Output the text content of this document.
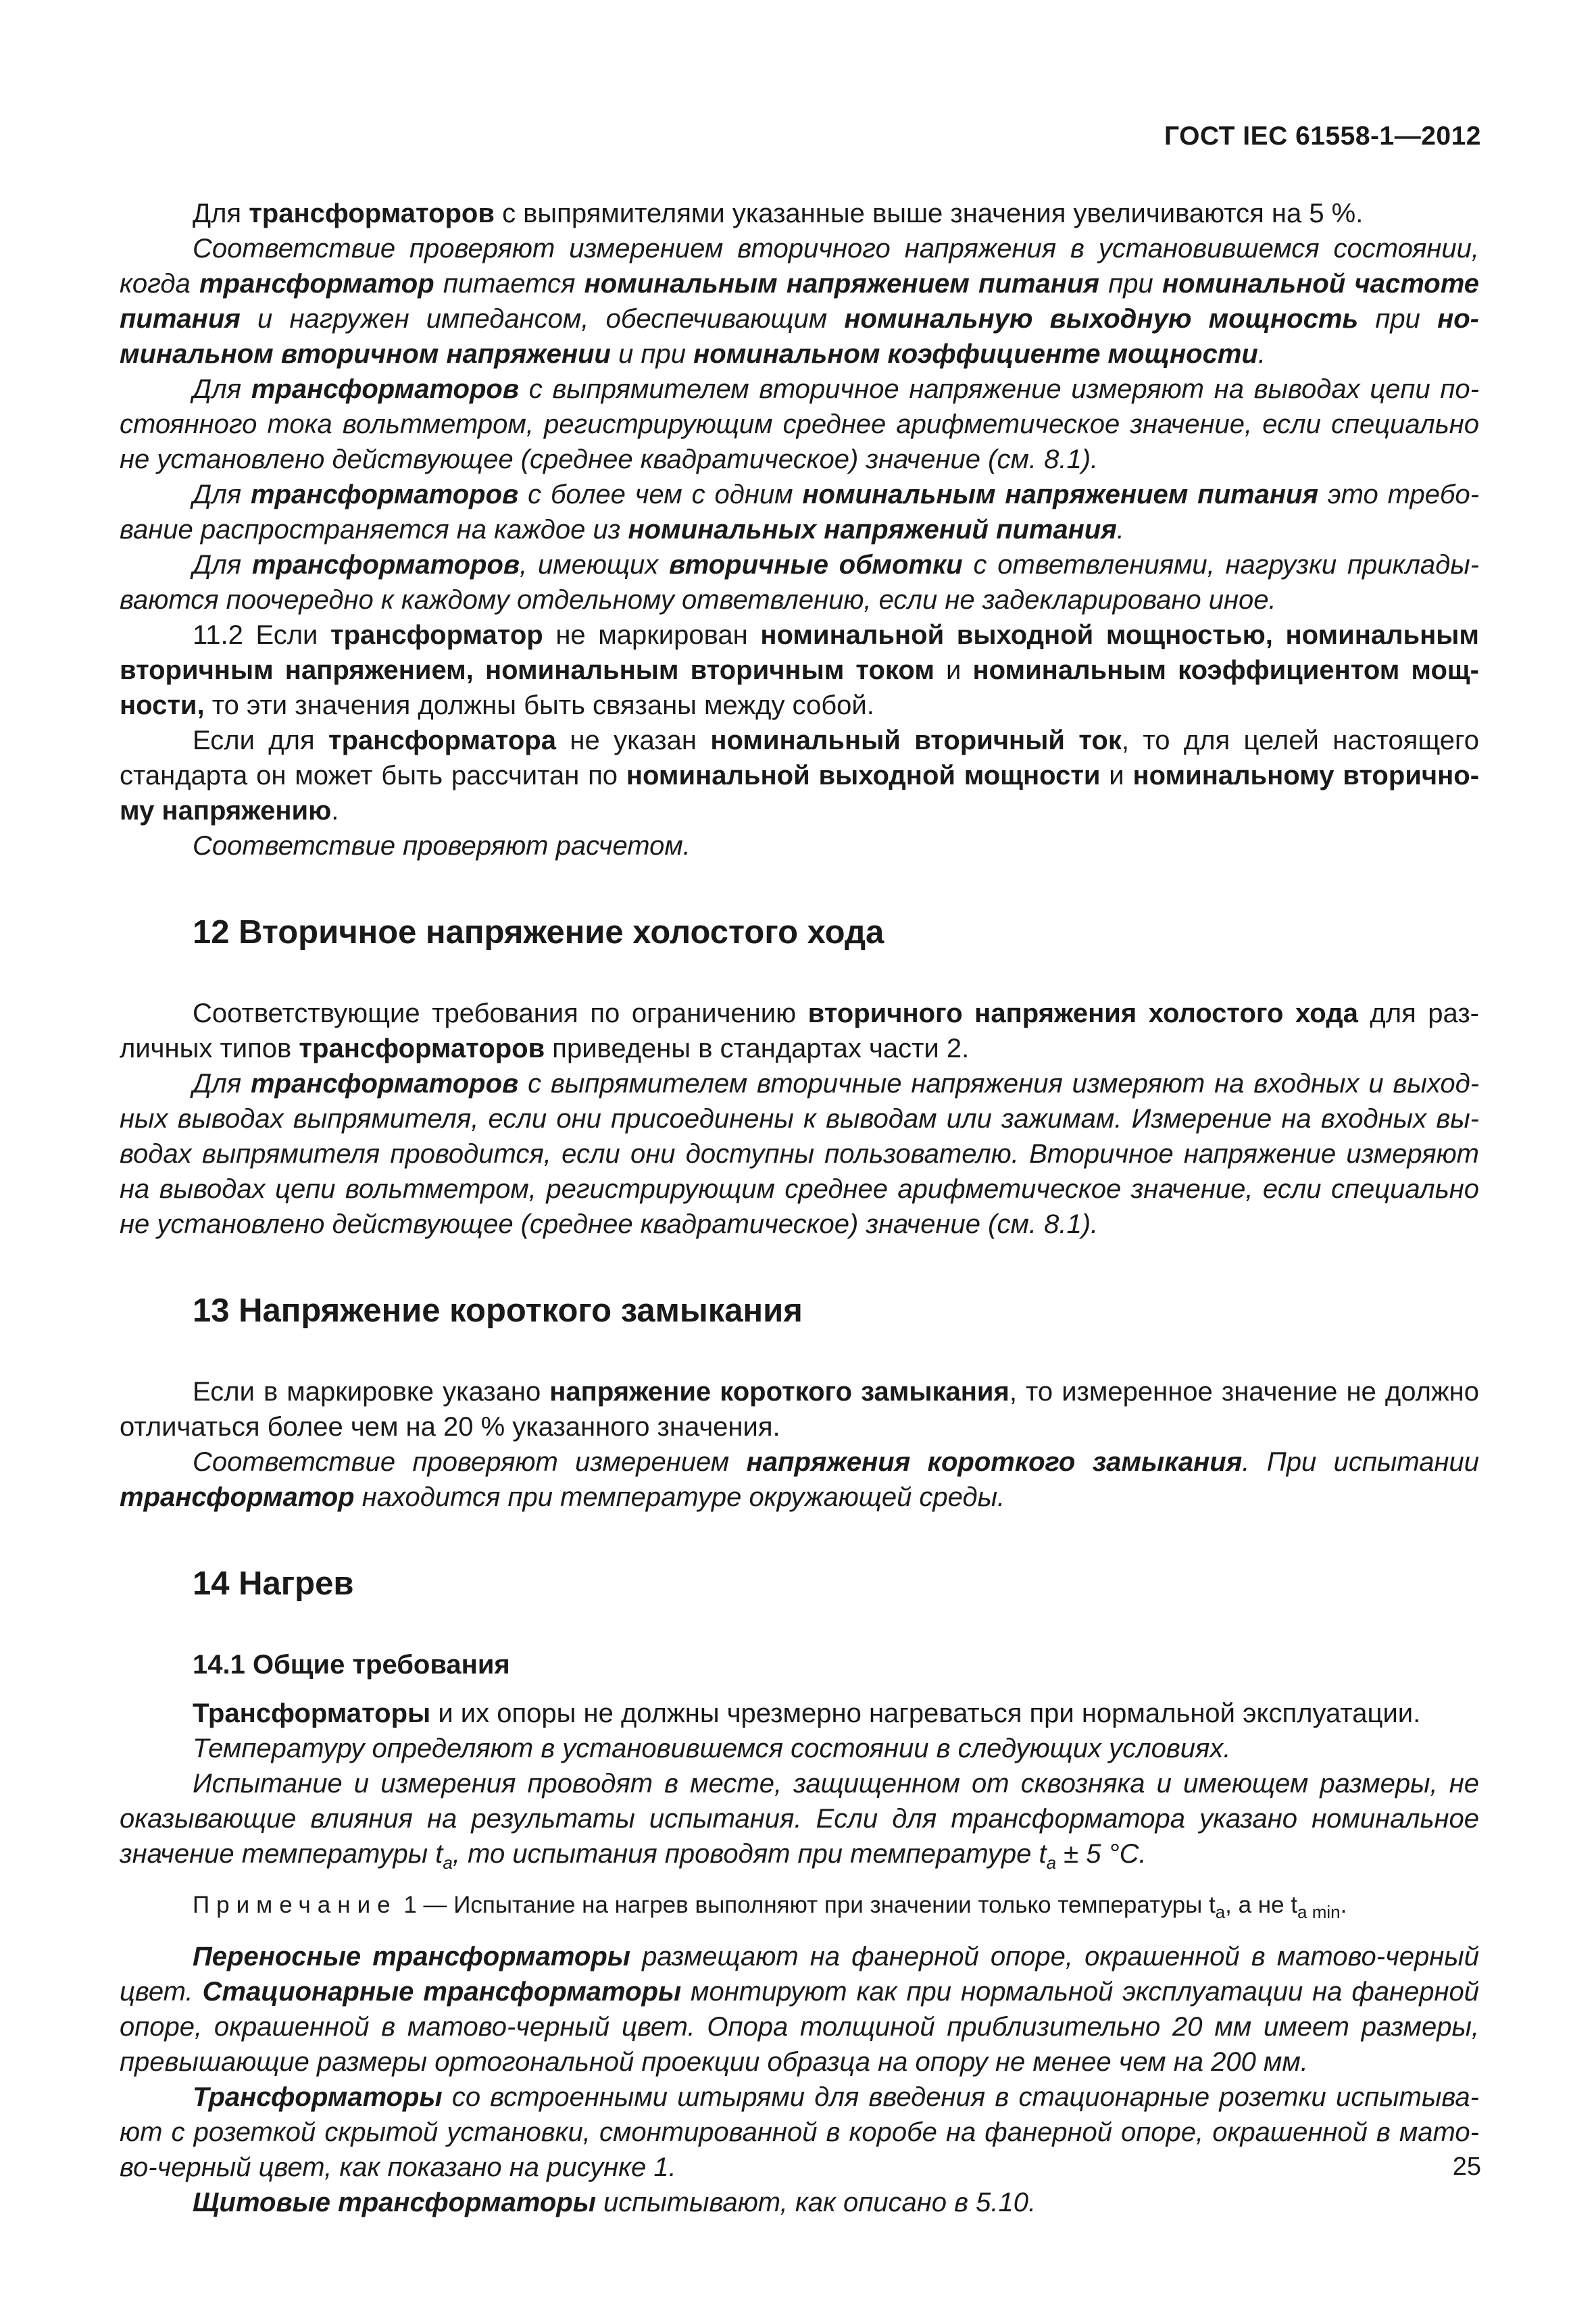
ГОСТ IEC 61558-1—2012

Для трансформаторов с выпрямителями указанные выше значения увеличиваются на 5 %.

Соответствие проверяют измерением вторичного напряжения в установившемся состоянии, когда трансформатор питается номинальным напряжением питания при номинальной частоте питания и нагружен импедансом, обеспечивающим номинальную выходную мощность при номинальном вторичном напряжении и при номинальном коэффициенте мощности.

Для трансформаторов с выпрямителем вторичное напряжение измеряют на выводах цепи постоянного тока вольтметром, регистрирующим среднее арифметическое значение, если специально не установлено действующее (среднее квадратическое) значение (см. 8.1).

Для трансформаторов с более чем с одним номинальным напряжением питания это требование распространяется на каждое из номинальных напряжений питания.

Для трансформаторов, имеющих вторичные обмотки с ответвлениями, нагрузки прикладываются поочередно к каждому отдельному ответвлению, если не задекларировано иное.

11.2 Если трансформатор не маркирован номинальной выходной мощностью, номинальным вторичным напряжением, номинальным вторичным током и номинальным коэффициентом мощности, то эти значения должны быть связаны между собой.

Если для трансформатора не указан номинальный вторичный ток, то для целей настоящего стандарта он может быть рассчитан по номинальной выходной мощности и номинальному вторичному напряжению.

Соответствие проверяют расчетом.

12 Вторичное напряжение холостого хода

Соответствующие требования по ограничению вторичного напряжения холостого хода для различных типов трансформаторов приведены в стандартах части 2.

Для трансформаторов с выпрямителем вторичные напряжения измеряют на входных и выходных выводах выпрямителя, если они присоединены к выводам или зажимам. Измерение на входных выводах выпрямителя проводится, если они доступны пользователю. Вторичное напряжение измеряют на выводах цепи вольтметром, регистрирующим среднее арифметическое значение, если специально не установлено действующее (среднее квадратическое) значение (см. 8.1).

13 Напряжение короткого замыкания

Если в маркировке указано напряжение короткого замыкания, то измеренное значение не должно отличаться более чем на 20 % указанного значения.

Соответствие проверяют измерением напряжения короткого замыкания. При испытании трансформатор находится при температуре окружающей среды.

14 Нагрев
14.1 Общие требования

Трансформаторы и их опоры не должны чрезмерно нагреваться при нормальной эксплуатации.

Температуру определяют в установившемся состоянии в следующих условиях.

Испытание и измерения проводят в месте, защищенном от сквозняка и имеющем размеры, не оказывающие влияния на результаты испытания. Если для трансформатора указано номинальное значение температуры $t_a$, то испытания проводят при температуре $t_a \pm 5$ °С.

Примечание 1 — Испытание на нагрев выполняют при значении только температуры $t_a$, а не $t_{a min}$.

Переносные трансформаторы размещают на фанерной опоре, окрашенной в матово-черный цвет. Стационарные трансформаторы монтируют как при нормальной эксплуатации на фанерной опоре, окрашенной в матово-черный цвет. Опора толщиной приблизительно 20 мм имеет размеры, превышающие размеры ортогональной проекции образца на опору не менее чем на 200 мм.

Трансформаторы со встроенными штырями для введения в стационарные розетки испытывают с розеткой скрытой установки, смонтированной в коробе на фанерной опоре, окрашенной в матово-черный цвет, как показано на рисунке 1.

Щитовые трансформаторы испытывают, как описано в 5.10.

25
